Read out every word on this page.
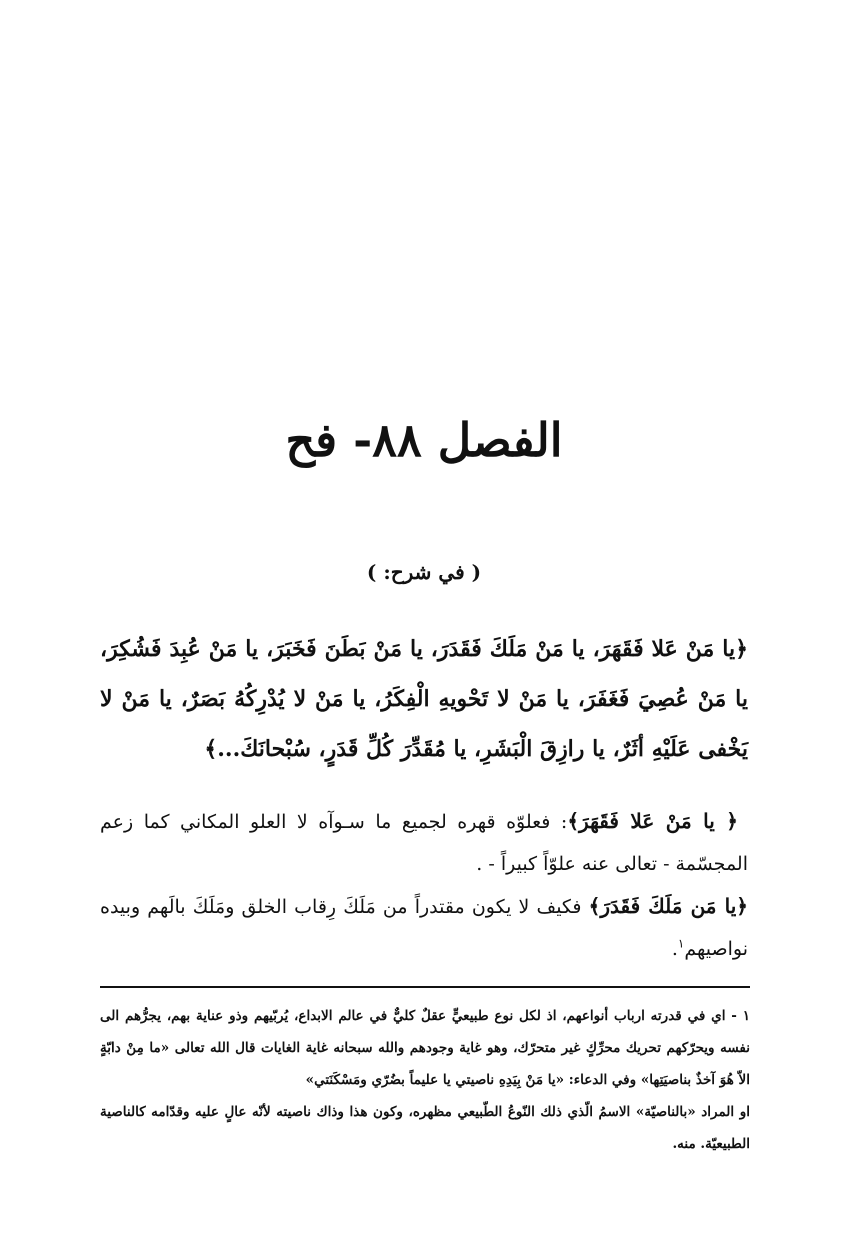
الفصل ٨٨- فح
( في شرح: )
﴿يا مَنْ عَلا فَقَهَرَ، يا مَنْ مَلَكَ فَقَدَرَ، يا مَنْ بَطَنَ فَخَبَرَ، يا مَنْ عُبِدَ فَشُكِرَ، يا مَنْ عُصِيَ فَغَفَرَ، يا مَنْ لا تَحْويهِ الْفِكَرُ، يا مَنْ لا يُدْرِكُهُ بَصَرٌ، يا مَنْ لا يَخْفى عَلَيْهِ أثَرٌ، يا رازِقَ الْبَشَرِ، يا مُقَدِّرَ كُلِّ قَدَرٍ، سُبْحانَكَ...﴾

﴿ يا مَنْ عَلا فَقَهَرَ﴾: فعلوّه قهره لجميع ما سـوآه لا العلو المكاني كما زعم المجسّمة - تعالى عنه علوّاً كبيراً - .

﴿يا مَن مَلَكَ فَقَدَرَ﴾ فكيف لا يكون مقتدراً من مَلَكَ رِقاب الخلق ومَلَكَ بالَهم وبيده نواصيهم$^١$.

١ - اي في قدرته ارباب أنواعهم، اذ لكل نوع طبيعيٍّ عقلٌ كليٌّ في عالم الابداع، يُربّيهم وذو عناية بهم، يجرُّهم الى نفسه ويحرّكهم تحريك محرِّكٍ غير متحرّك، وهو غاية وجودهم والله سبحانه غاية الغايات قال الله تعالى «ما مِنْ دابّةٍ الاّ هُوَ آخذٌ بناصيَتِها» وفي الدعاء: «يا مَنْ بِيَدِهِ ناصيتي يا عليماً بضُرّي ومَسْكَنَتي»

او المراد «بالناصيّة» الاسمُ الّذي ذلك النّوعُ الطّبيعي مظهره، وكون هذا وذاك ناصيته لأنّه عالٍ عليه وقدّامه كالناصية الطبيعيّة. منه.
